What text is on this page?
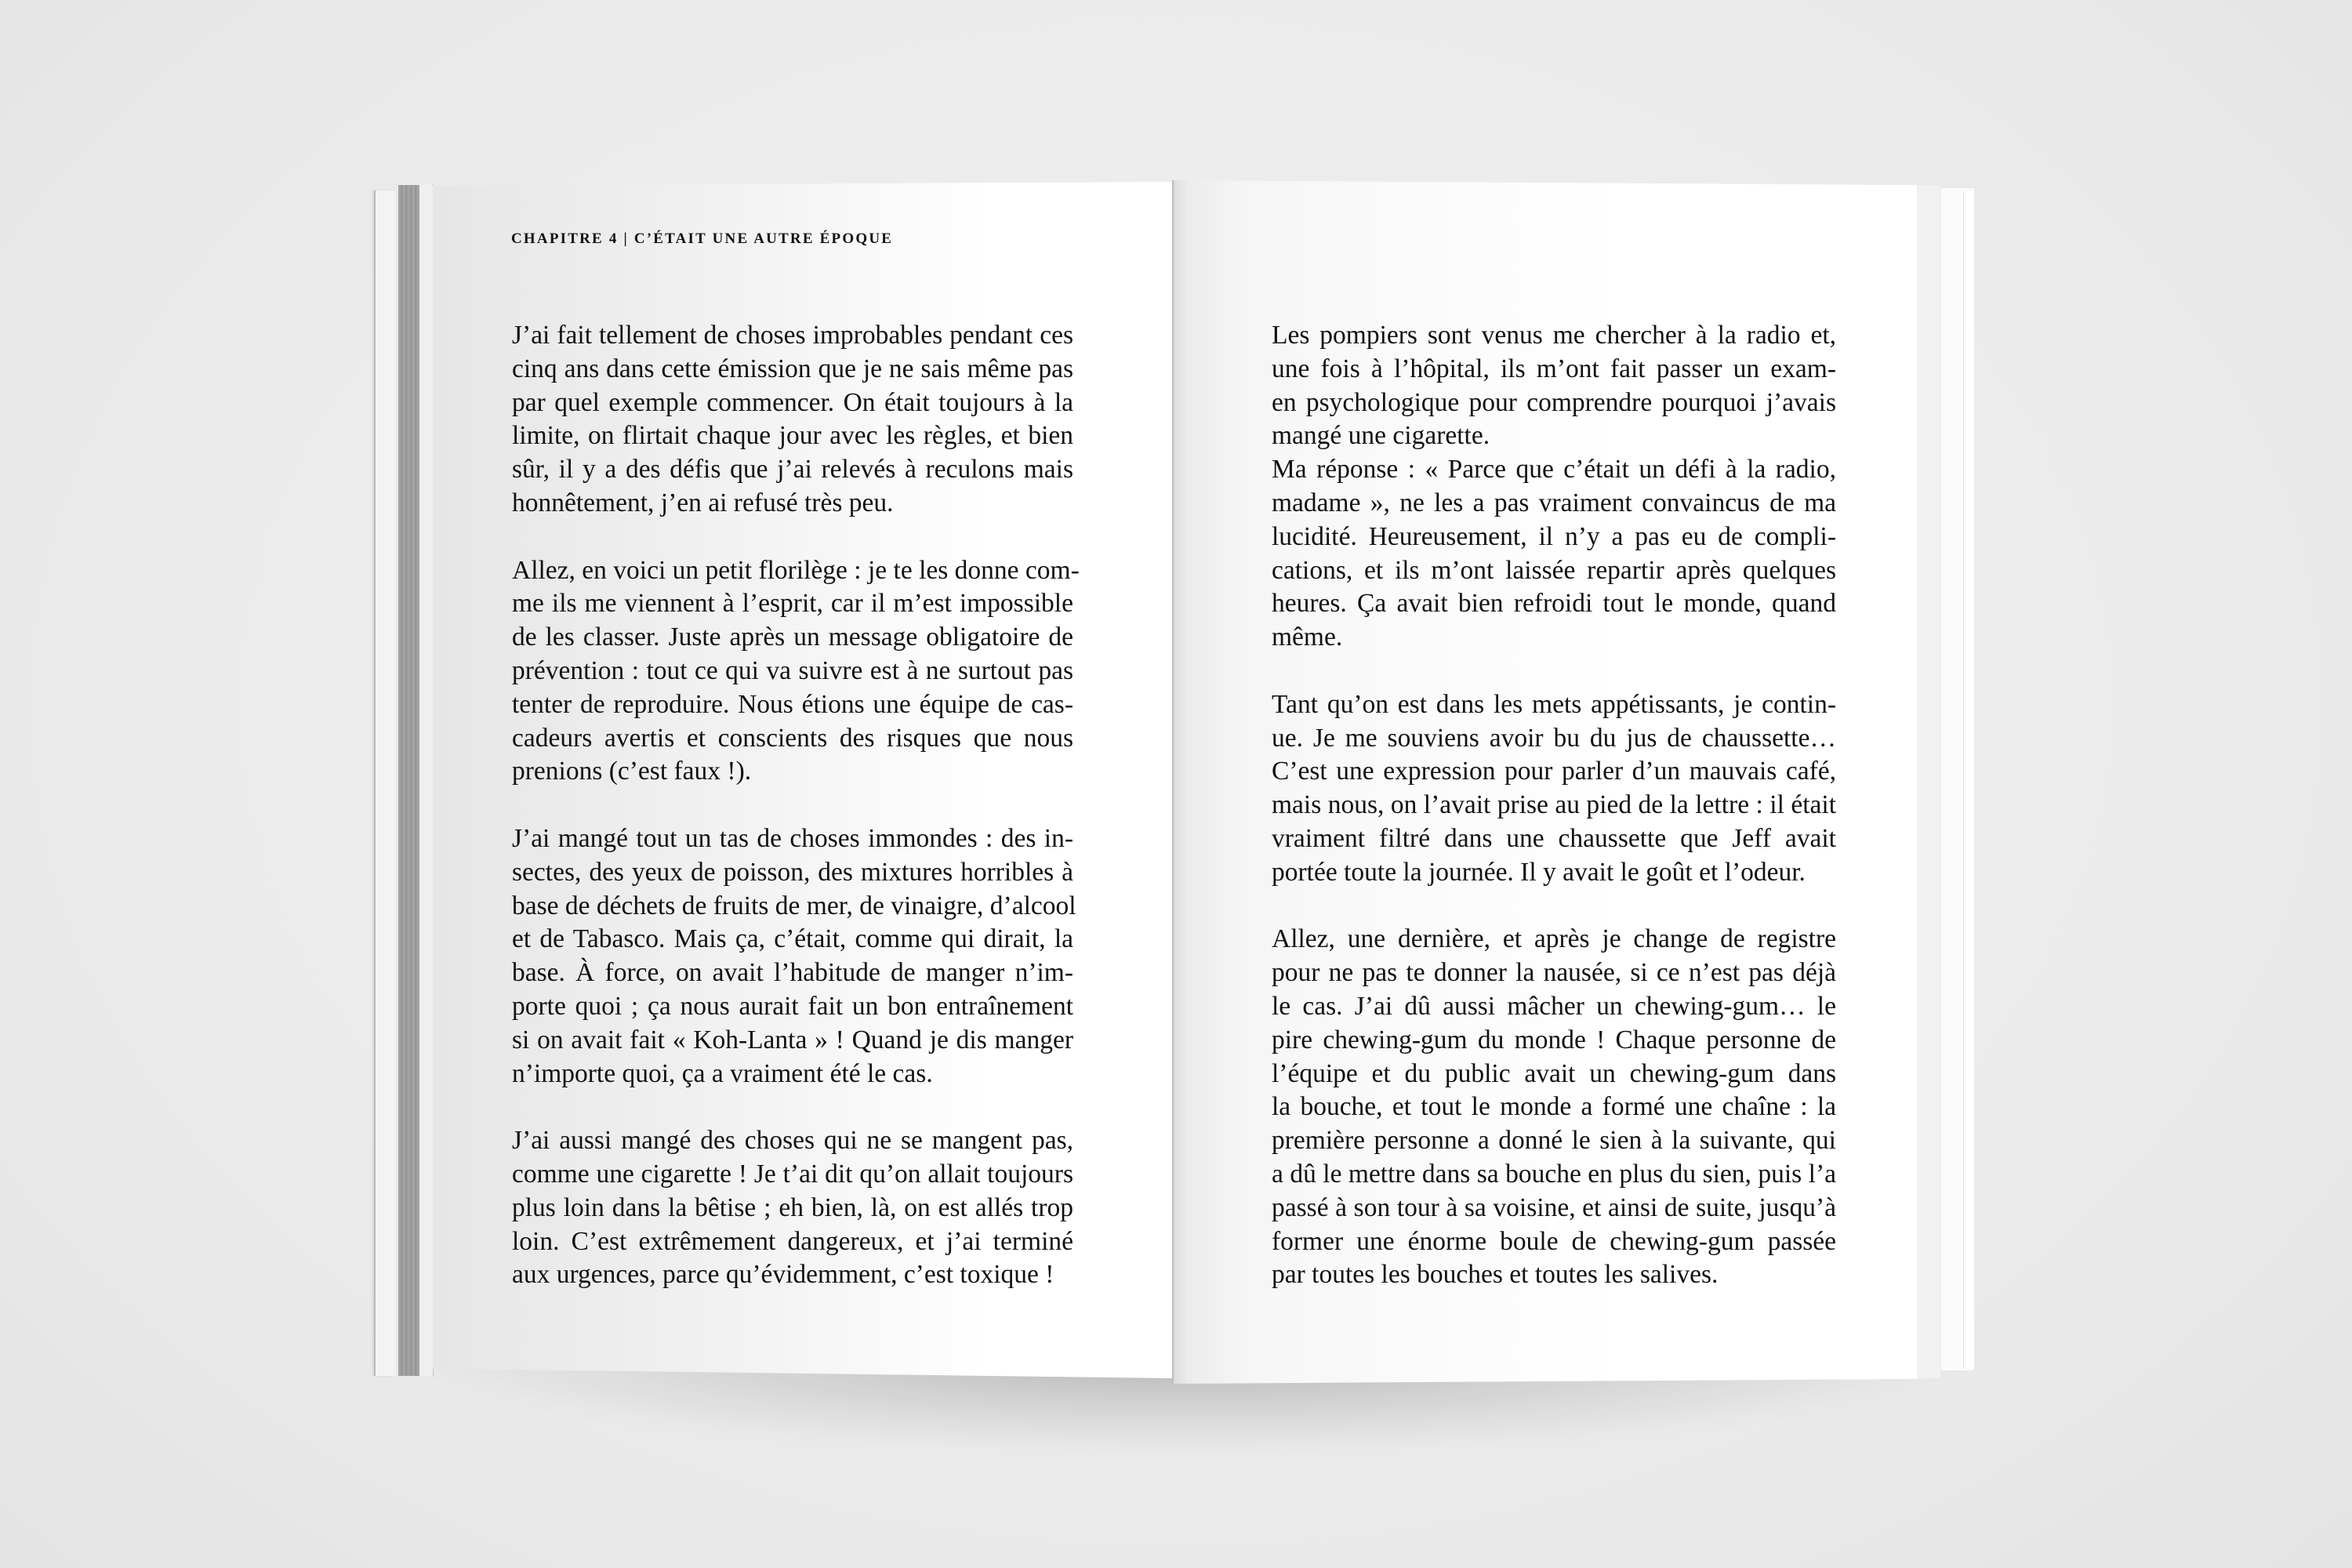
CHAPITRE 4 | C’ÉTAIT UNE AUTRE ÉPOQUE

J’ai fait tellement de choses improbables pendant ces
cinq ans dans cette émission que je ne sais même pas
par quel exemple commencer. On était toujours à la
limite, on flirtait chaque jour avec les règles, et bien
sûr, il y a des défis que j’ai relevés à reculons mais
honnêtement, j’en ai refusé très peu.

Allez, en voici un petit florilège : je te les donne com-
me ils me viennent à l’esprit, car il m’est impossible
de les classer. Juste après un message obligatoire de
prévention : tout ce qui va suivre est à ne surtout pas
tenter de reproduire. Nous étions une équipe de cas-
cadeurs avertis et conscients des risques que nous
prenions (c’est faux !).

J’ai mangé tout un tas de choses immondes : des in-
sectes, des yeux de poisson, des mixtures horribles à
base de déchets de fruits de mer, de vinaigre, d’alcool
et de Tabasco. Mais ça, c’était, comme qui dirait, la
base. À force, on avait l’habitude de manger n’im-
porte quoi ; ça nous aurait fait un bon entraînement
si on avait fait « Koh-Lanta » ! Quand je dis manger
n’importe quoi, ça a vraiment été le cas.

J’ai aussi mangé des choses qui ne se mangent pas,
comme une cigarette ! Je t’ai dit qu’on allait toujours
plus loin dans la bêtise ; eh bien, là, on est allés trop
loin. C’est extrêmement dangereux, et j’ai terminé
aux urgences, parce qu’évidemment, c’est toxique !

Les pompiers sont venus me chercher à la radio et,
une fois à l’hôpital, ils m’ont fait passer un exam-
en psychologique pour comprendre pourquoi j’avais
mangé une cigarette.

Ma réponse : « Parce que c’était un défi à la radio,
madame », ne les a pas vraiment convaincus de ma
lucidité. Heureusement, il n’y a pas eu de compli-
cations, et ils m’ont laissée repartir après quelques
heures. Ça avait bien refroidi tout le monde, quand
même.

Tant qu’on est dans les mets appétissants, je contin-
ue. Je me souviens avoir bu du jus de chaussette…
C’est une expression pour parler d’un mauvais café,
mais nous, on l’avait prise au pied de la lettre : il était
vraiment filtré dans une chaussette que Jeff avait
portée toute la journée. Il y avait le goût et l’odeur.

Allez, une dernière, et après je change de registre
pour ne pas te donner la nausée, si ce n’est pas déjà
le cas. J’ai dû aussi mâcher un chewing-gum… le
pire chewing-gum du monde ! Chaque personne de
l’équipe et du public avait un chewing-gum dans
la bouche, et tout le monde a formé une chaîne : la
première personne a donné le sien à la suivante, qui
a dû le mettre dans sa bouche en plus du sien, puis l’a
passé à son tour à sa voisine, et ainsi de suite, jusqu’à
former une énorme boule de chewing-gum passée
par toutes les bouches et toutes les salives.
